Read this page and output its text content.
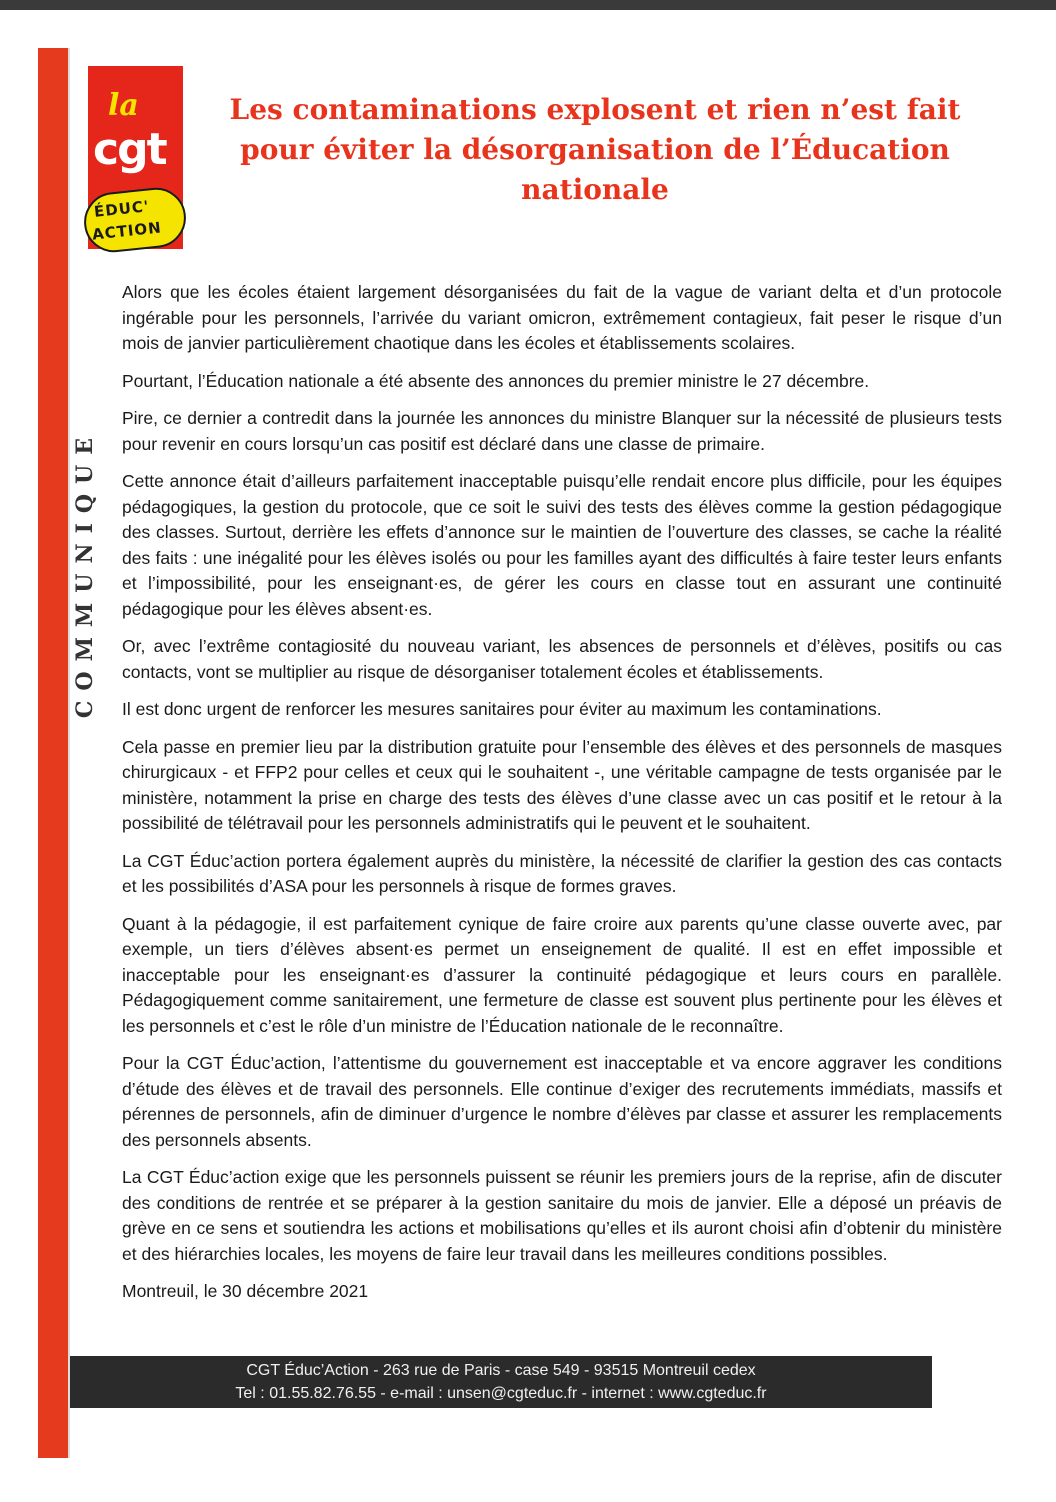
COMMUNIQUE
la
cgt
ÉDUC'
ACTION
Les contaminations explosent et rien n’est fait pour éviter la désorganisation de l’Éducation nationale

Alors que les écoles étaient largement désorganisées du fait de la vague de variant delta et d’un protocole ingérable pour les personnels, l’arrivée du variant omicron, extrêmement contagieux, fait peser le risque d’un mois de janvier particulièrement chaotique dans les écoles et établissements scolaires.

Pourtant, l’Éducation nationale a été absente des annonces du premier ministre le 27 décembre.

Pire, ce dernier a contredit dans la journée les annonces du ministre Blanquer sur la nécessité de plusieurs tests pour revenir en cours lorsqu’un cas positif est déclaré dans une classe de primaire.

Cette annonce était d’ailleurs parfaitement inacceptable puisqu’elle rendait encore plus difficile, pour les équipes pédagogiques, la gestion du protocole, que ce soit le suivi des tests des élèves comme la gestion pédagogique des classes. Surtout, derrière les effets d’annonce sur le maintien de l’ouverture des classes, se cache la réalité des faits : une inégalité pour les élèves isolés ou pour les familles ayant des difficultés à faire tester leurs enfants et l’impossibilité, pour les enseignant·es, de gérer les cours en classe tout en assurant une continuité pédagogique pour les élèves absent·es.

Or, avec l’extrême contagiosité du nouveau variant, les absences de personnels et d’élèves, positifs ou cas contacts, vont se multiplier au risque de désorganiser totalement écoles et établissements.

Il est donc urgent de renforcer les mesures sanitaires pour éviter au maximum les contaminations.

Cela passe en premier lieu par la distribution gratuite pour l’ensemble des élèves et des personnels de masques chirurgicaux - et FFP2 pour celles et ceux qui le souhaitent -, une véritable campagne de tests organisée par le ministère, notamment la prise en charge des tests des élèves d’une classe avec un cas positif et le retour à la possibilité de télétravail pour les personnels administratifs qui le peuvent et le souhaitent.

La CGT Éduc’action portera également auprès du ministère, la nécessité de clarifier la gestion des cas contacts et les possibilités d’ASA pour les personnels à risque de formes graves.

Quant à la pédagogie, il est parfaitement cynique de faire croire aux parents qu’une classe ouverte avec, par exemple, un tiers d’élèves absent·es permet un enseignement de qualité. Il est en effet impossible et inacceptable pour les enseignant·es d’assurer la continuité pédagogique et leurs cours en parallèle. Pédagogiquement comme sanitairement, une fermeture de classe est souvent plus pertinente pour les élèves et les personnels et c’est le rôle d’un ministre de l’Éducation nationale de le reconnaître.

Pour la CGT Éduc’action, l’attentisme du gouvernement est inacceptable et va encore aggraver les conditions d’étude des élèves et de travail des personnels. Elle continue d’exiger des recrutements immédiats, massifs et pérennes de personnels, afin de diminuer d’urgence le nombre d’élèves par classe et assurer les remplacements des personnels absents.

La CGT Éduc’action exige que les personnels puissent se réunir les premiers jours de la reprise, afin de discuter des conditions de rentrée et se préparer à la gestion sanitaire du mois de janvier. Elle a déposé un préavis de grève en ce sens et soutiendra les actions et mobilisations qu’elles et ils auront choisi afin d’obtenir du ministère et des hiérarchies locales, les moyens de faire leur travail dans les meilleures conditions possibles.

Montreuil, le 30 décembre 2021

CGT Éduc’Action - 263 rue de Paris - case 549 - 93515 Montreuil cedex
Tel : 01.55.82.76.55 - e-mail : unsen@cgteduc.fr - internet : www.cgteduc.fr
